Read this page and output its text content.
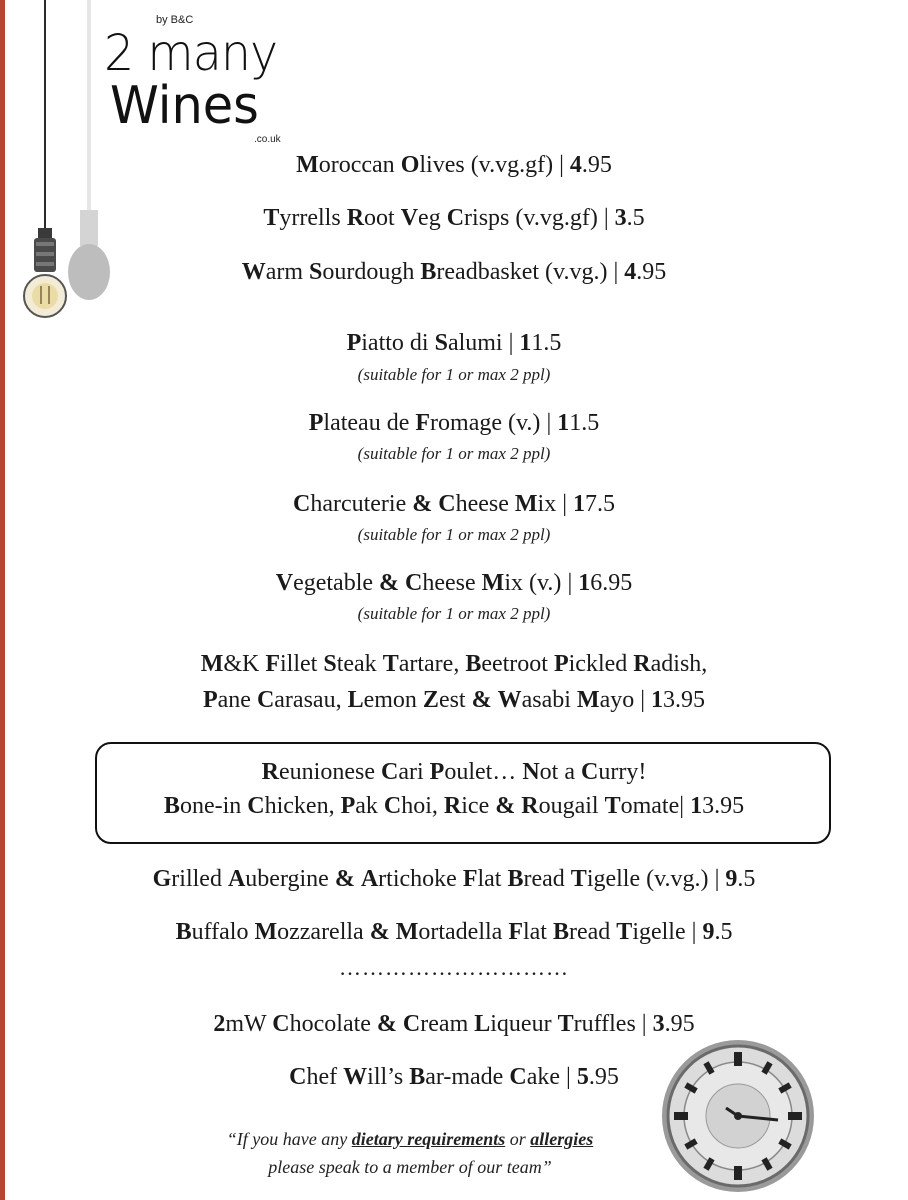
by B&C
2 many
Wines
.co.uk
Moroccan Olives (v.vg.gf) | 4.95
Tyrrells Root Veg Crisps (v.vg.gf) | 3.5
Warm Sourdough Breadbasket (v.vg.) | 4.95
Piatto di Salumi | 11.5
(suitable for 1 or max 2 ppl)
Plateau de Fromage (v.) | 11.5
(suitable for 1 or max 2 ppl)
Charcuterie & Cheese Mix | 17.5
(suitable for 1 or max 2 ppl)
Vegetable & Cheese Mix (v.) | 16.95
(suitable for 1 or max 2 ppl)
M&K Fillet Steak Tartare, Beetroot Pickled Radish,
Pane Carasau, Lemon Zest & Wasabi Mayo | 13.95
Reunionese Cari Poulet… Not a Curry!
Bone-in Chicken, Pak Choi, Rice & Rougail Tomate| 13.95
Grilled Aubergine & Artichoke Flat Bread Tigelle (v.vg.) | 9.5
Buffalo Mozzarella & Mortadella Flat Bread Tigelle | 9.5
…………………………
2mW Chocolate & Cream Liqueur Truffles | 3.95
Chef Will’s Bar-made Cake | 5.95
“If you have any dietary requirements or allergies
please speak to a member of our team”
